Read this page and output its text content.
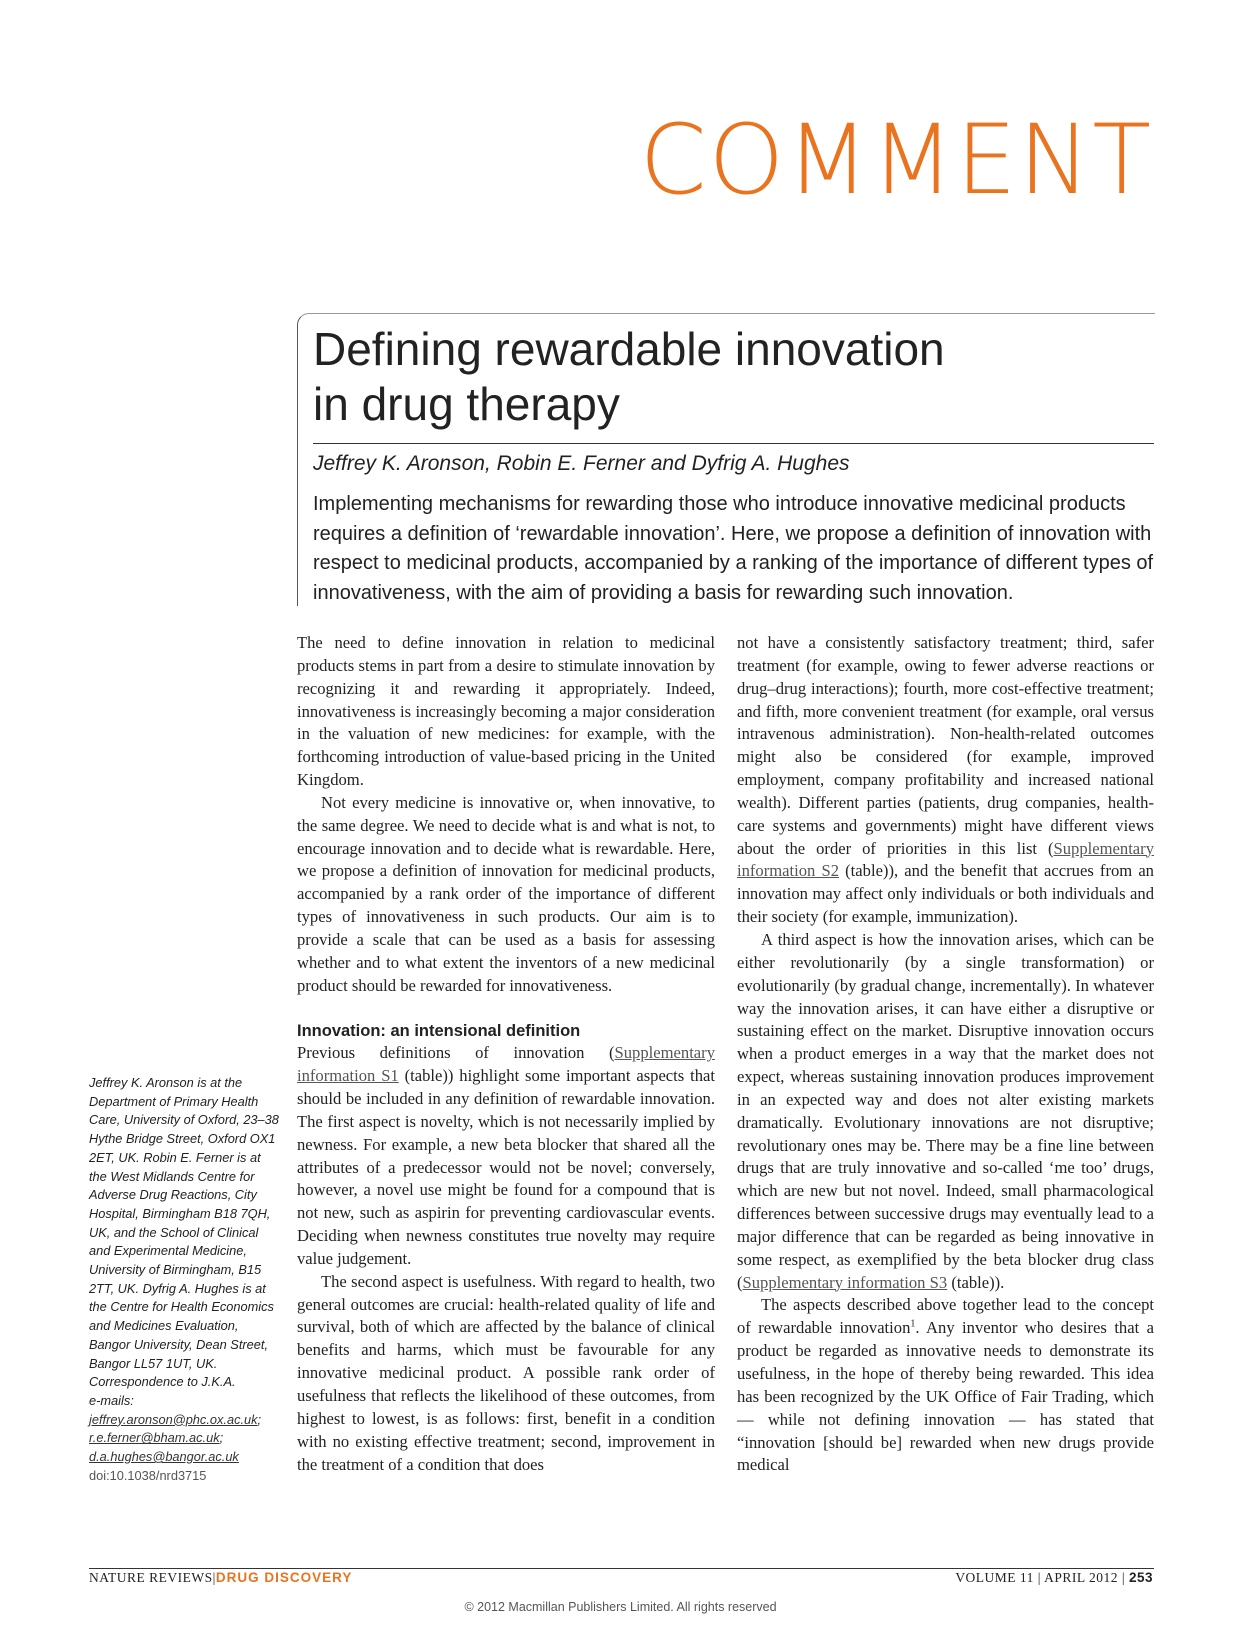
COMMENT
Defining rewardable innovation
in drug therapy
Jeffrey K. Aronson, Robin E. Ferner and Dyfrig A. Hughes
Implementing mechanisms for rewarding those who introduce innovative medicinal products requires a definition of ‘rewardable innovation’. Here, we propose a definition of innovation with respect to medicinal products, accompanied by a ranking of the importance of different types of innovativeness, with the aim of providing a basis for rewarding such innovation.

The need to define innovation in relation to medicinal products stems in part from a desire to stimulate innovation by recognizing it and rewarding it appropriately. Indeed, innovativeness is increasingly becoming a major consideration in the valuation of new medicines: for example, with the forthcoming introduction of value-based pricing in the United Kingdom.

Not every medicine is innovative or, when innovative, to the same degree. We need to decide what is and what is not, to encourage innovation and to decide what is rewardable. Here, we propose a definition of innovation for medicinal products, accompanied by a rank order of the importance of different types of innovativeness in such products. Our aim is to provide a scale that can be used as a basis for assessing whether and to what extent the inventors of a new medicinal product should be rewarded for innovativeness.

Innovation: an intensional definition

Previous definitions of innovation (Supplementary information S1 (table)) highlight some important aspects that should be included in any definition of rewardable innovation. The first aspect is novelty, which is not necessarily implied by newness. For example, a new beta blocker that shared all the attributes of a predecessor would not be novel; conversely, however, a novel use might be found for a compound that is not new, such as aspirin for preventing cardiovascular events. Deciding when newness constitutes true novelty may require value judgement.

The second aspect is usefulness. With regard to health, two general outcomes are crucial: health-related quality of life and survival, both of which are affected by the balance of clinical benefits and harms, which must be favourable for any innovative medicinal product. A possible rank order of usefulness that reflects the likelihood of these outcomes, from highest to lowest, is as follows: first, benefit in a condition with no existing effective treatment; second, improvement in the treatment of a condition that does

not have a consistently satisfactory treatment; third, safer treatment (for example, owing to fewer adverse reactions or drug–drug interactions); fourth, more cost-effective treatment; and fifth, more convenient treatment (for example, oral versus intravenous administration). Non-health-related outcomes might also be considered (for example, improved employment, company profitability and increased national wealth). Different parties (patients, drug companies, health-care systems and governments) might have different views about the order of priorities in this list (Supplementary information S2 (table)), and the benefit that accrues from an innovation may affect only individuals or both individuals and their society (for example, immunization).

A third aspect is how the innovation arises, which can be either revolutionarily (by a single transformation) or evolutionarily (by gradual change, incrementally). In whatever way the innovation arises, it can have either a disruptive or sustaining effect on the market. Disruptive innovation occurs when a product emerges in a way that the market does not expect, whereas sustaining innovation produces improvement in an expected way and does not alter existing markets dramatically. Evolutionary innovations are not disruptive; revolutionary ones may be. There may be a fine line between drugs that are truly innovative and so-called ‘me too’ drugs, which are new but not novel. Indeed, small pharmacological differences between successive drugs may eventually lead to a major difference that can be regarded as being innovative in some respect, as exemplified by the beta blocker drug class (Supplementary information S3 (table)).

The aspects described above together lead to the concept of rewardable innovation$^1$. Any inventor who desires that a product be regarded as innovative needs to demonstrate its usefulness, in the hope of thereby being rewarded. This idea has been recognized by the UK Office of Fair Trading, which — while not defining innovation — has stated that “innovation [should be] rewarded when new drugs provide medical

Jeffrey K. Aronson is at the Department of Primary Health Care, University of Oxford, 23–38 Hythe Bridge Street, Oxford OX1 2ET, UK. Robin E. Ferner is at the West Midlands Centre for Adverse Drug Reactions, City Hospital, Birmingham B18 7QH, UK, and the School of Clinical and Experimental Medicine, University of Birmingham, B15 2TT, UK. Dyfrig A. Hughes is at the Centre for Health Economics and Medicines Evaluation, Bangor University, Dean Street, Bangor LL57 1UT, UK. Correspondence to J.K.A. e‑mails:
jeffrey.aronson@phc.ox.ac.uk;
r.e.ferner@bham.ac.uk;
d.a.hughes@bangor.ac.uk
doi:10.1038/nrd3715
NATURE REVIEWS|DRUG DISCOVERY	VOLUME 11 | APRIL 2012 | 253
© 2012 Macmillan Publishers Limited. All rights reserved
